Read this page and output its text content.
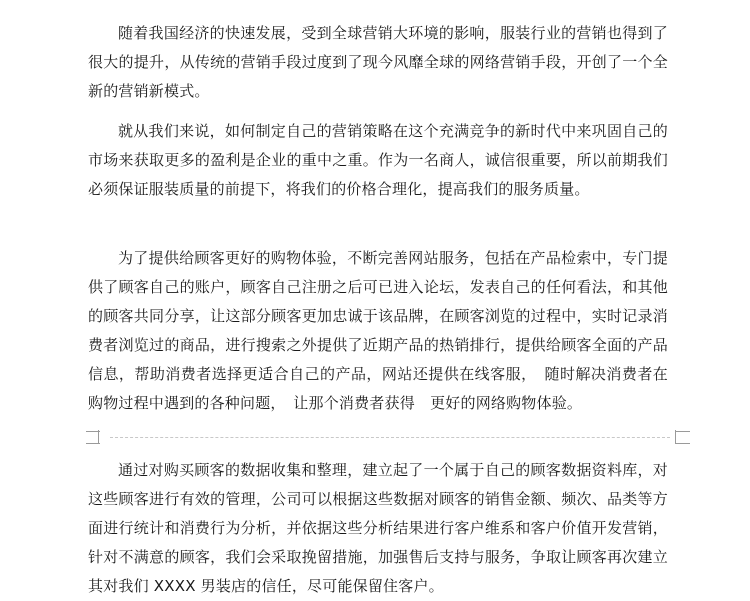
随着我国经济的快速发展，受到全球营销大环境的影响，服装行业的营销也得到了很大的提升，从传统的营销手段过度到了现今风靡全球的网络营销手段，开创了一个全新的营销新模式。

就从我们来说，如何制定自己的营销策略在这个充满竞争的新时代中来巩固自己的市场来获取更多的盈利是企业的重中之重。作为一名商人，诚信很重要，所以前期我们必须保证服装质量的前提下，将我们的价格合理化，提高我们的服务质量。

为了提供给顾客更好的购物体验，不断完善网站服务，包括在产品检索中，专门提供了顾客自己的账户，顾客自己注册之后可已进入论坛，发表自己的任何看法，和其他的顾客共同分享，让这部分顾客更加忠诚于该品牌，在顾客浏览的过程中，实时记录消费者浏览过的商品，进行搜索之外提供了近期产品的热销排行，提供给顾客全面的产品信息，帮助消费者选择更适合自己的产品，网站还提供在线客服，　随时解决消费者在购物过程中遇到的各种问题，　让那个消费者获得　更好的网络购物体验。

通过对购买顾客的数据收集和整理，建立起了一个属于自己的顾客数据资料库，对这些顾客进行有效的管理，公司可以根据这些数据对顾客的销售金额、频次、品类等方面进行统计和消费行为分析，并依据这些分析结果进行客户维系和客户价值开发营销，针对不满意的顾客，我们会采取挽留措施，加强售后支持与服务，争取让顾客再次建立其对我们 XXXX 男装店的信任，尽可能保留住客户。
